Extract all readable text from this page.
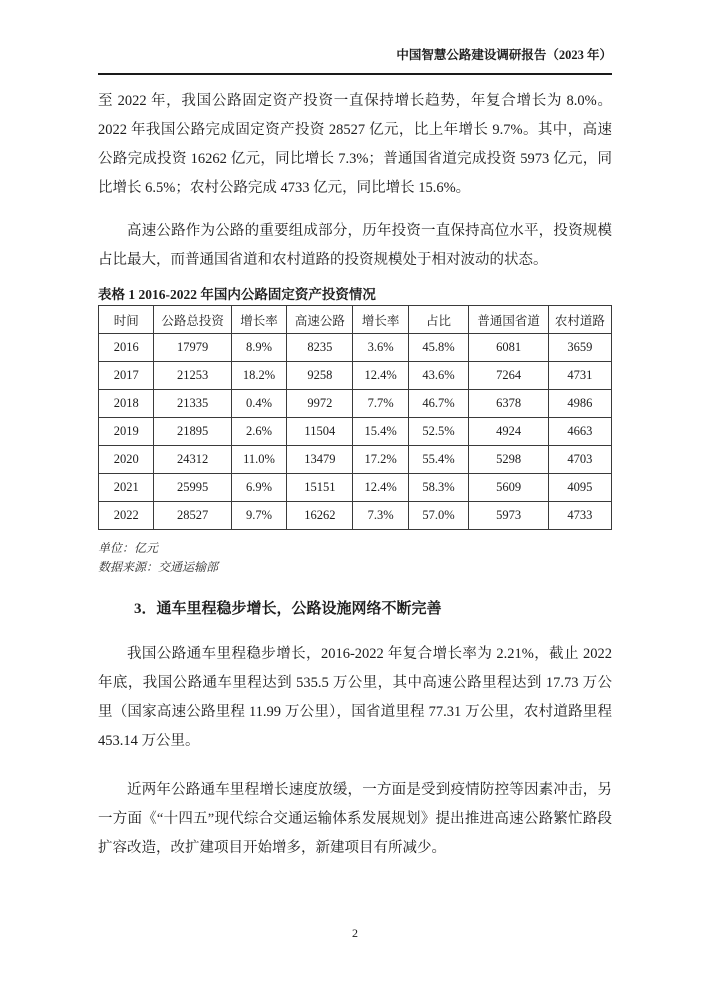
中国智慧公路建设调研报告（2023 年）

至 2022 年，我国公路固定资产投资一直保持增长趋势，年复合增长为 8.0%。2022 年我国公路完成固定资产投资 28527 亿元，比上年增长 9.7%。其中，高速公路完成投资 16262 亿元，同比增长 7.3%；普通国省道完成投资 5973 亿元，同比增长 6.5%；农村公路完成 4733 亿元，同比增长 15.6%。

高速公路作为公路的重要组成部分，历年投资一直保持高位水平，投资规模占比最大，而普通国省道和农村道路的投资规模处于相对波动的状态。

表格 1 2016-2022 年国内公路固定资产投资情况
时间	公路总投资	增长率	高速公路	增长率	占比	普通国省道	农村道路
2016	17979	8.9%	8235	3.6%	45.8%	6081	3659
2017	21253	18.2%	9258	12.4%	43.6%	7264	4731
2018	21335	0.4%	9972	7.7%	46.7%	6378	4986
2019	21895	2.6%	11504	15.4%	52.5%	4924	4663
2020	24312	11.0%	13479	17.2%	55.4%	5298	4703
2021	25995	6.9%	15151	12.4%	58.3%	5609	4095
2022	28527	9.7%	16262	7.3%	57.0%	5973	4733
单位：亿元
数据来源：交通运输部
3．通车里程稳步增长，公路设施网络不断完善

我国公路通车里程稳步增长，2016-2022 年复合增长率为 2.21%，截止 2022 年底，我国公路通车里程达到 535.5 万公里，其中高速公路里程达到 17.73 万公里（国家高速公路里程 11.99 万公里），国省道里程 77.31 万公里，农村道路里程 453.14 万公里。

近两年公路通车里程增长速度放缓，一方面是受到疫情防控等因素冲击，另一方面《“十四五”现代综合交通运输体系发展规划》提出推进高速公路繁忙路段扩容改造，改扩建项目开始增多，新建项目有所减少。

2
